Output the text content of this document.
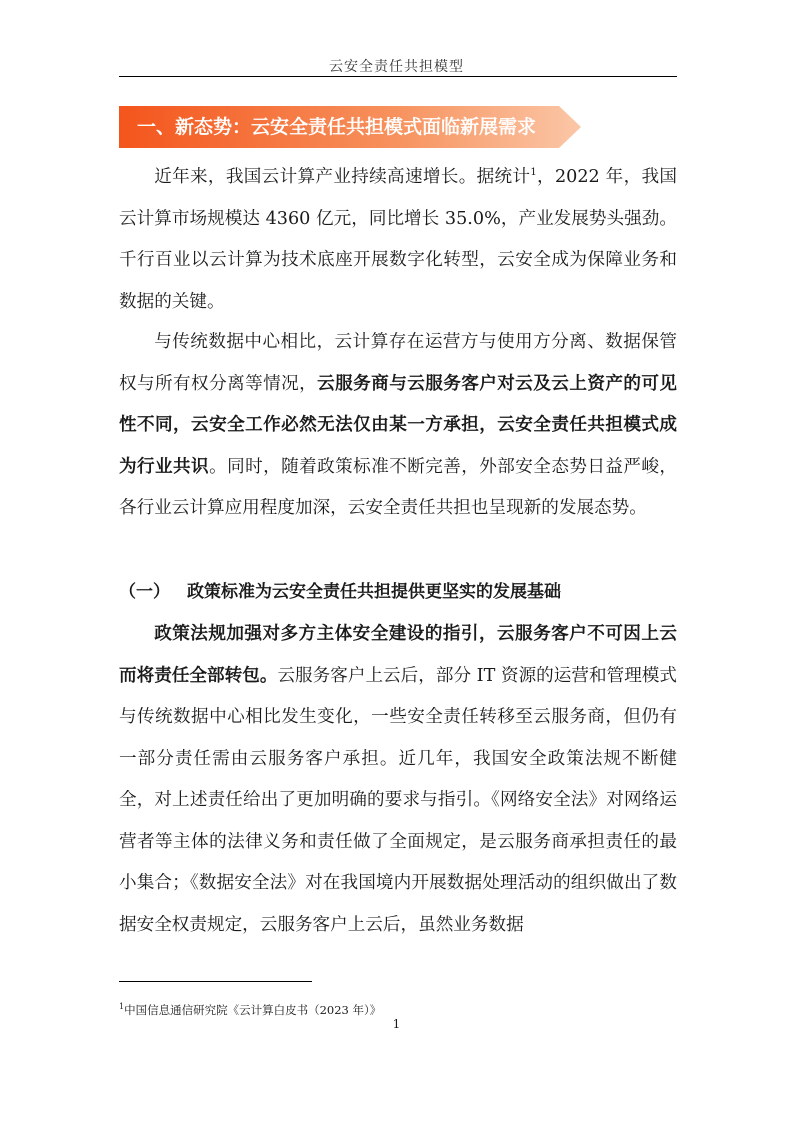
云安全责任共担模型
一、新态势：云安全责任共担模式面临新展需求

近年来，我国云计算产业持续高速增长。据统计$^1$，2022 年，我国云计算市场规模达 4360 亿元，同比增长 35.0%，产业发展势头强劲。千行百业以云计算为技术底座开展数字化转型，云安全成为保障业务和数据的关键。

与传统数据中心相比，云计算存在运营方与使用方分离、数据保管权与所有权分离等情况，云服务商与云服务客户对云及云上资产的可见性不同，云安全工作必然无法仅由某一方承担，云安全责任共担模式成为行业共识。同时，随着政策标准不断完善，外部安全态势日益严峻，各行业云计算应用程度加深，云安全责任共担也呈现新的发展态势。

（一） 政策标准为云安全责任共担提供更坚实的发展基础

政策法规加强对多方主体安全建设的指引，云服务客户不可因上云而将责任全部转包。云服务客户上云后，部分 IT 资源的运营和管理模式与传统数据中心相比发生变化，一些安全责任转移至云服务商，但仍有一部分责任需由云服务客户承担。近几年，我国安全政策法规不断健全，对上述责任给出了更加明确的要求与指引。《网络安全法》对网络运营者等主体的法律义务和责任做了全面规定，是云服务商承担责任的最小集合；《数据安全法》对在我国境内开展数据处理活动的组织做出了数据安全权责规定，云服务客户上云后，虽然业务数据

$^1$中国信息通信研究院《云计算白皮书（2023 年）》
1
